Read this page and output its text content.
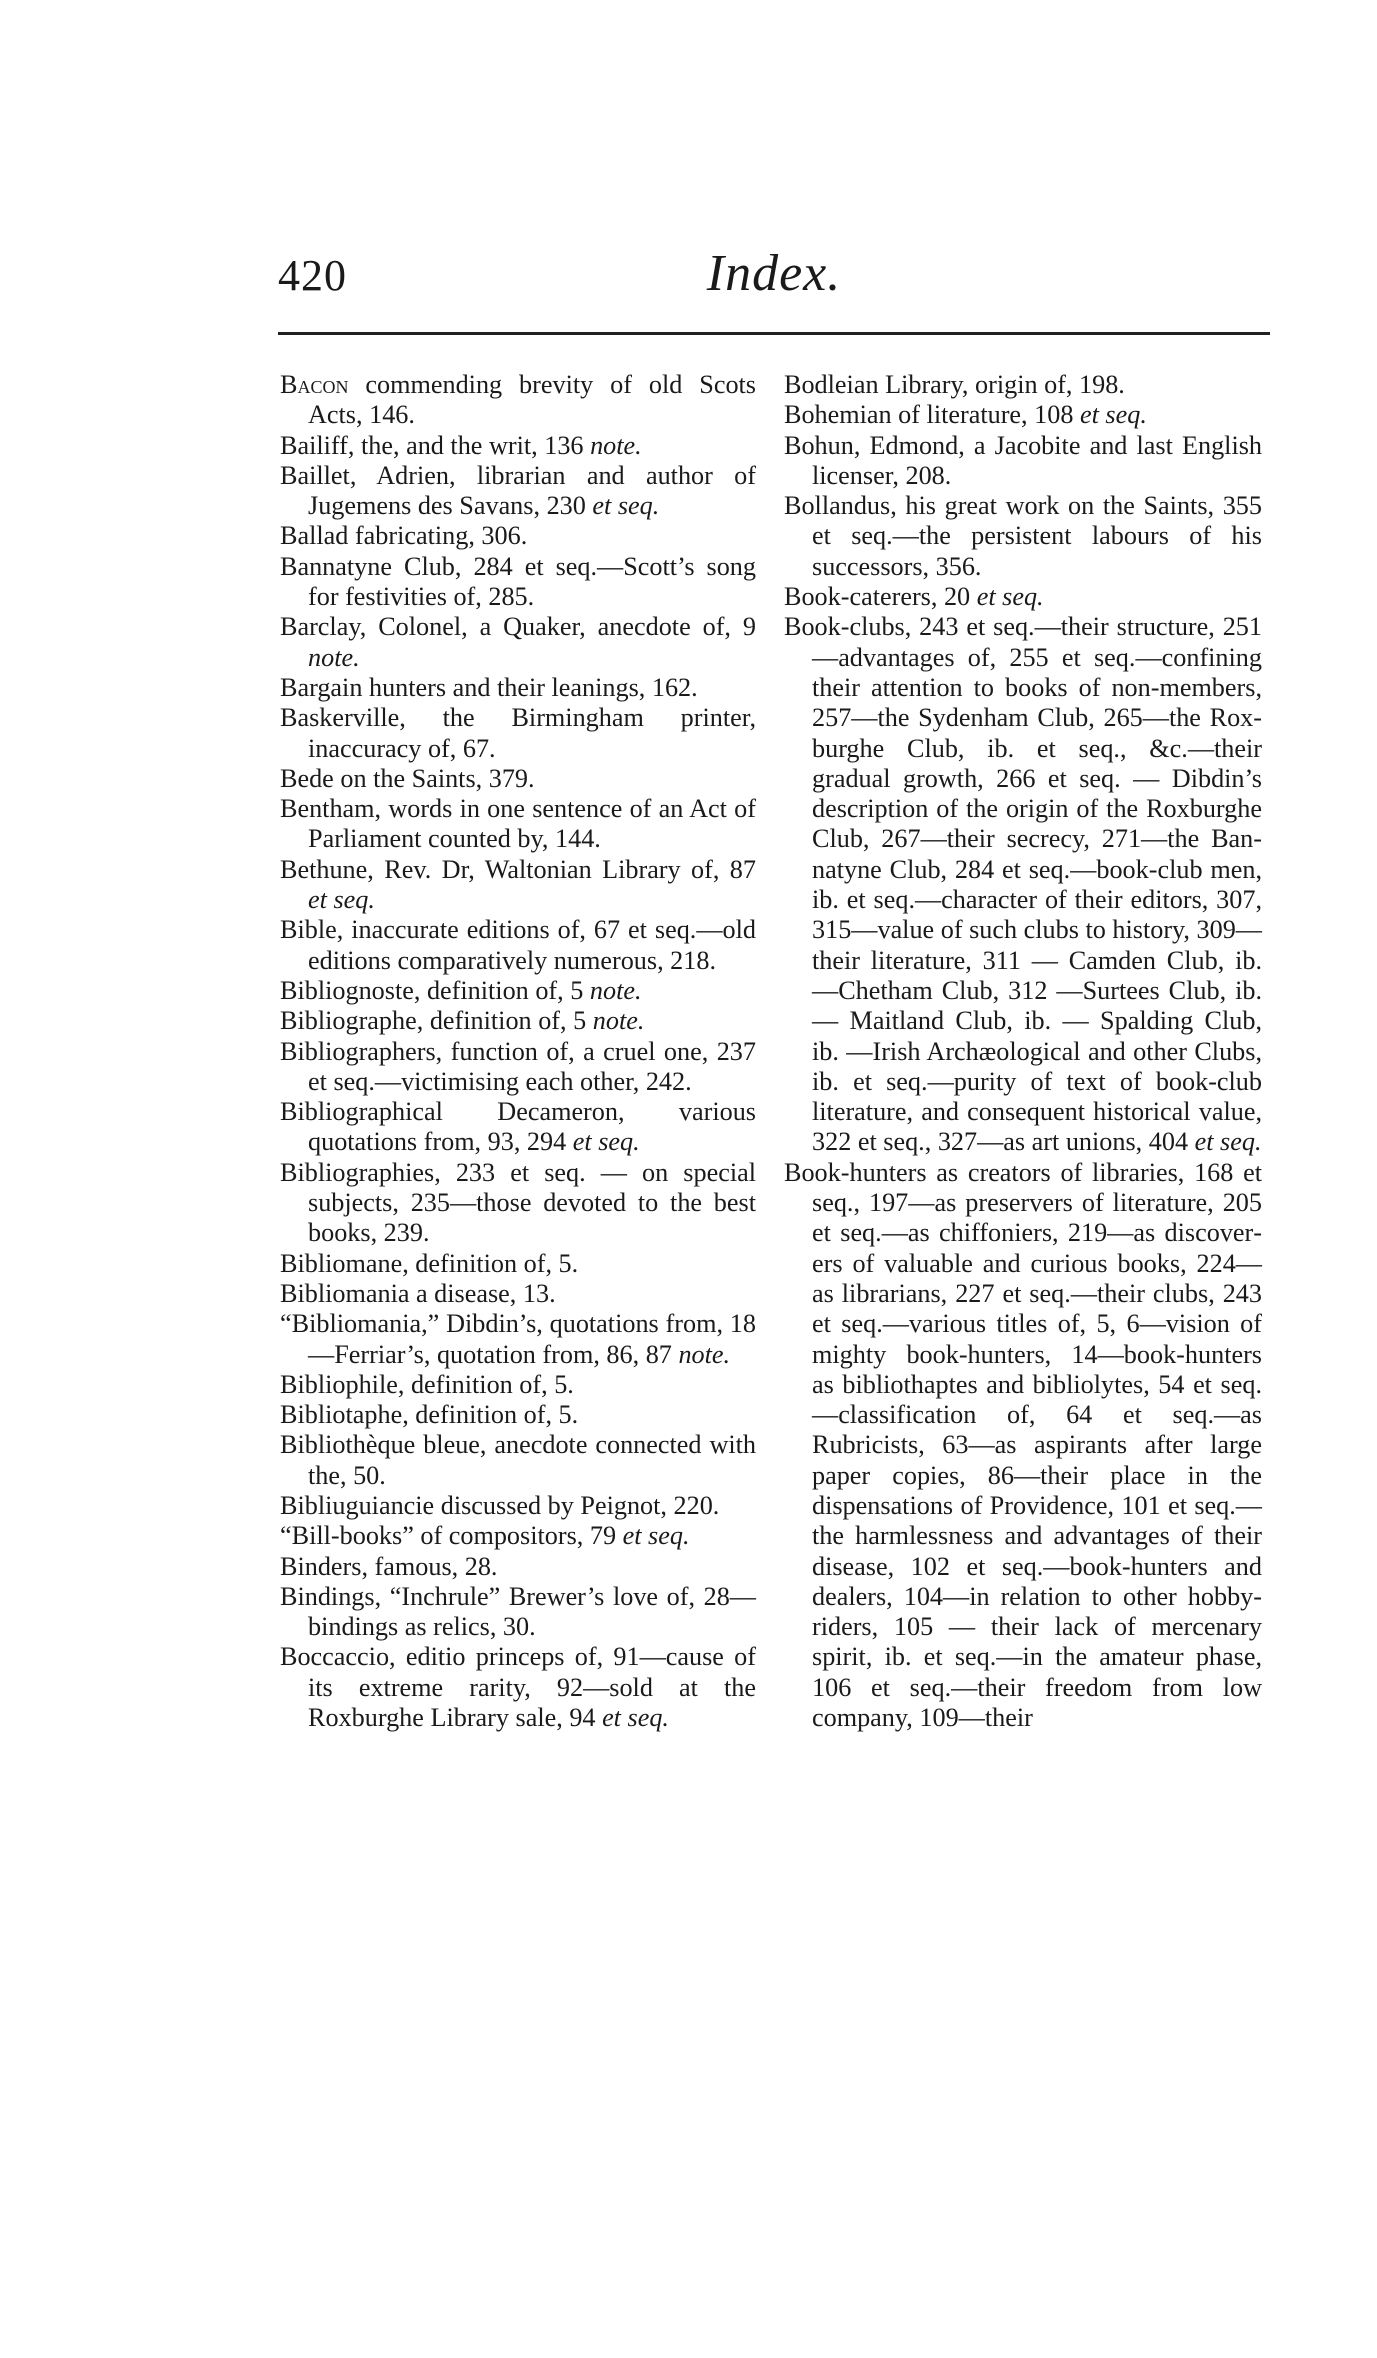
420	Index.

Bacon commending brevity of old Scots Acts, 146.

Bailiff, the, and the writ, 136 note.

Baillet, Adrien, librarian and author of Jugemens des Savans, 230 et seq.

Ballad fabricating, 306.

Bannatyne Club, 284 et seq.—Scott’s song for festivities of, 285.

Barclay, Colonel, a Quaker, anecdote of, 9 note.

Bargain hunters and their leanings, 162.

Baskerville, the Birmingham printer, inaccuracy of, 67.

Bede on the Saints, 379.

Bentham, words in one sentence of an Act of Parliament counted by, 144.

Bethune, Rev. Dr, Waltonian Library of, 87 et seq.

Bible, inaccurate editions of, 67 et seq.—old editions comparatively numerous, 218.

Bibliognoste, definition of, 5 note.

Bibliographe, definition of, 5 note.

Bibliographers, function of, a cruel one, 237 et seq.—victimising each other, 242.

Bibliographical Decameron, various quotations from, 93, 294 et seq.

Bibliographies, 233 et seq. — on special subjects, 235—those devoted to the best books, 239.

Bibliomane, definition of, 5.

Bibliomania a disease, 13.

“Bibliomania,” Dibdin’s, quotations from, 18—Ferriar’s, quotation from, 86, 87 note.

Bibliophile, definition of, 5.

Bibliotaphe, definition of, 5.

Bibliothèque bleue, anecdote connected with the, 50.

Bibliuguiancie discussed by Peignot, 220.

“Bill-books” of compositors, 79 et seq.

Binders, famous, 28.

Bindings, “Inchrule” Brewer’s love of, 28—bindings as relics, 30.

Boccaccio, editio princeps of, 91—cause of its extreme rarity, 92—sold at the Roxburghe Library sale, 94 et seq.

Bodleian Library, origin of, 198.

Bohemian of literature, 108 et seq.

Bohun, Edmond, a Jacobite and last English licenser, 208.

Bollandus, his great work on the Saints, 355 et seq.—the persistent labours of his successors, 356.

Book-caterers, 20 et seq.

Book-clubs, 243 et seq.—their structure, 251—advantages of, 255 et seq.—confining their attention to books of non-members, 257—the Sydenham Club, 265—the Roxburghe Club, ib. et seq., &c.—their gradual growth, 266 et seq. — Dibdin’s description of the origin of the Roxburghe Club, 267—their secrecy, 271—the Bannatyne Club, 284 et seq.—book-club men, ib. et seq.—character of their editors, 307, 315—value of such clubs to history, 309—their literature, 311 — Camden Club, ib.—Chetham Club, 312 —Surtees Club, ib. — Maitland Club, ib. — Spalding Club, ib. —Irish Archæological and other Clubs, ib. et seq.—purity of text of book-club literature, and consequent historical value, 322 et seq., 327—as art unions, 404 et seq.

Book-hunters as creators of libraries, 168 et seq., 197—as preservers of literature, 205 et seq.—as chiffoniers, 219—as discoverers of valuable and curious books, 224—as librarians, 227 et seq.—their clubs, 243 et seq.—various titles of, 5, 6—vision of mighty book-hunters, 14—book-hunters as bibliothaptes and bibliolytes, 54 et seq.—classification of, 64 et seq.—as Rubricists, 63—as aspirants after large paper copies, 86—their place in the dispensations of Providence, 101 et seq.—the harmlessness and advantages of their disease, 102 et seq.—book-hunters and dealers, 104—in relation to other hobby-riders, 105 — their lack of mercenary spirit, ib. et seq.—in the amateur phase, 106 et seq.—their freedom from low company, 109—their
